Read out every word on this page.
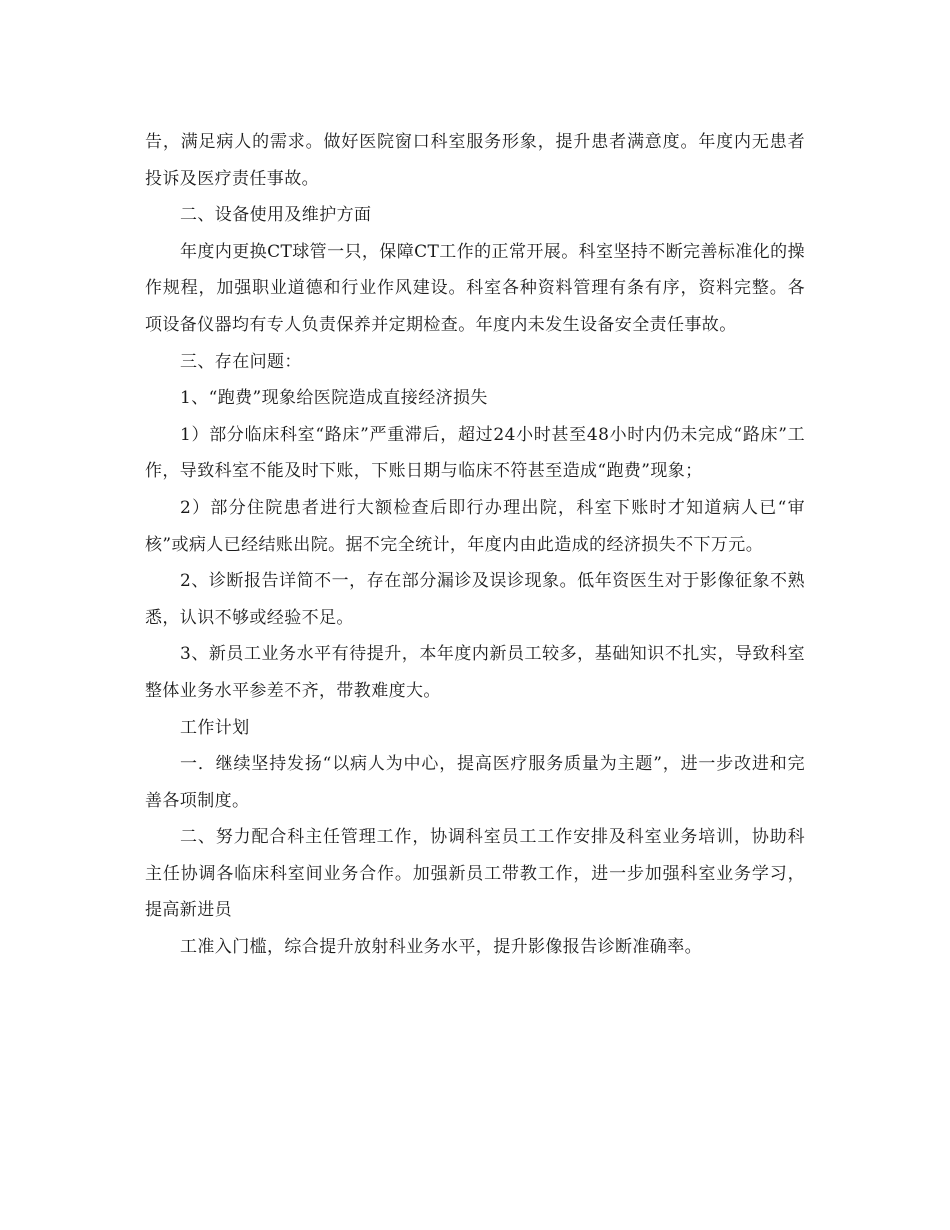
告，满足病人的需求。做好医院窗口科室服务形象，提升患者满意度。年度内无患者投诉及医疗责任事故。

二、设备使用及维护方面

年度内更换CT球管一只，保障CT工作的正常开展。科室坚持不断完善标准化的操作规程，加强职业道德和行业作风建设。科室各种资料管理有条有序，资料完整。各项设备仪器均有专人负责保养并定期检查。年度内未发生设备安全责任事故。

三、存在问题：

1、“跑费”现象给医院造成直接经济损失

1）部分临床科室“路床”严重滞后，超过24小时甚至48小时内仍未完成“路床”工作，导致科室不能及时下账，下账日期与临床不符甚至造成“跑费”现象；

2）部分住院患者进行大额检查后即行办理出院，科室下账时才知道病人已“审核”或病人已经结账出院。据不完全统计，年度内由此造成的经济损失不下万元。

2、诊断报告详简不一，存在部分漏诊及误诊现象。低年资医生对于影像征象不熟悉，认识不够或经验不足。

3、新员工业务水平有待提升，本年度内新员工较多，基础知识不扎实，导致科室整体业务水平参差不齐，带教难度大。

工作计划

一．继续坚持发扬“以病人为中心，提高医疗服务质量为主题”，进一步改进和完善各项制度。

二、努力配合科主任管理工作，协调科室员工工作安排及科室业务培训，协助科主任协调各临床科室间业务合作。加强新员工带教工作，进一步加强科室业务学习，提高新进员

工准入门槛，综合提升放射科业务水平，提升影像报告诊断准确率。
